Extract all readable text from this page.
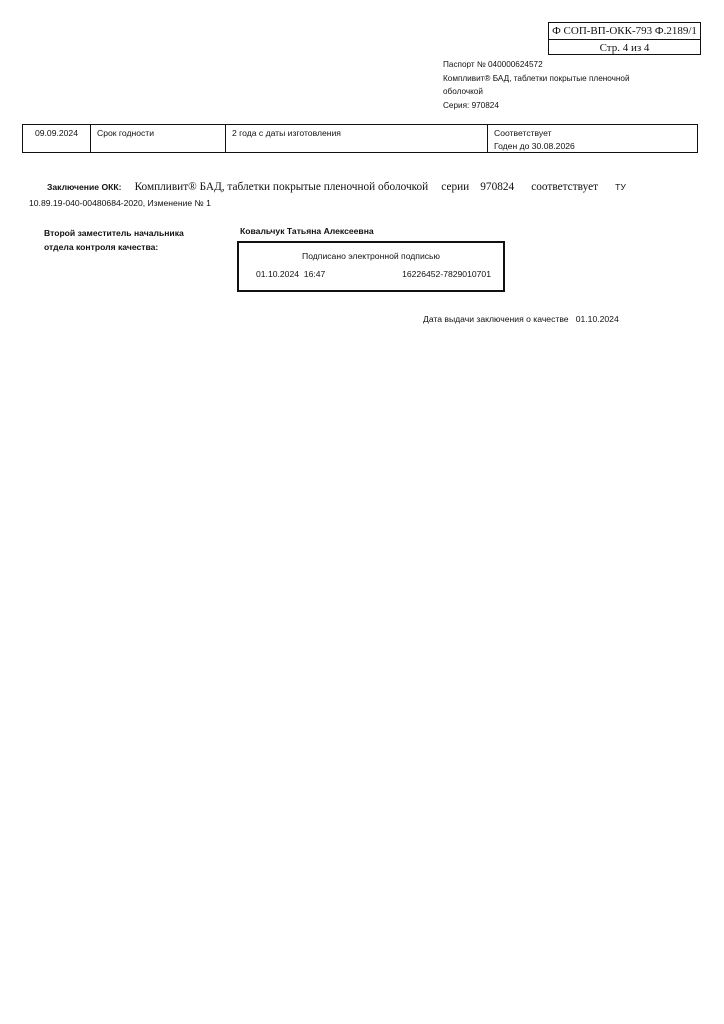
Ф СОП-ВП-ОКК-793 Ф.2189/1
Стр. 4 из 4
Паспорт № 040000624572
Компливит® БАД, таблетки покрытые пленочной
оболочкой
Серия: 970824
09.09.2024	Срок годности	2 года с даты изготовления	Соответствует
Годен до 30.08.2026
Заключение ОКК: Компливит® БАД, таблетки покрытые пленочной оболочкой серии 970824 соответствует ТУ
10.89.19-040-00480684-2020, Изменение № 1
Второй заместитель начальника
отдела контроля качества:
Ковальчук Татьяна Алексеевна
Подписано электронной подписью
01.10.2024  16:47	16226452-7829010701
Дата выдачи заключения о качестве   01.10.2024
